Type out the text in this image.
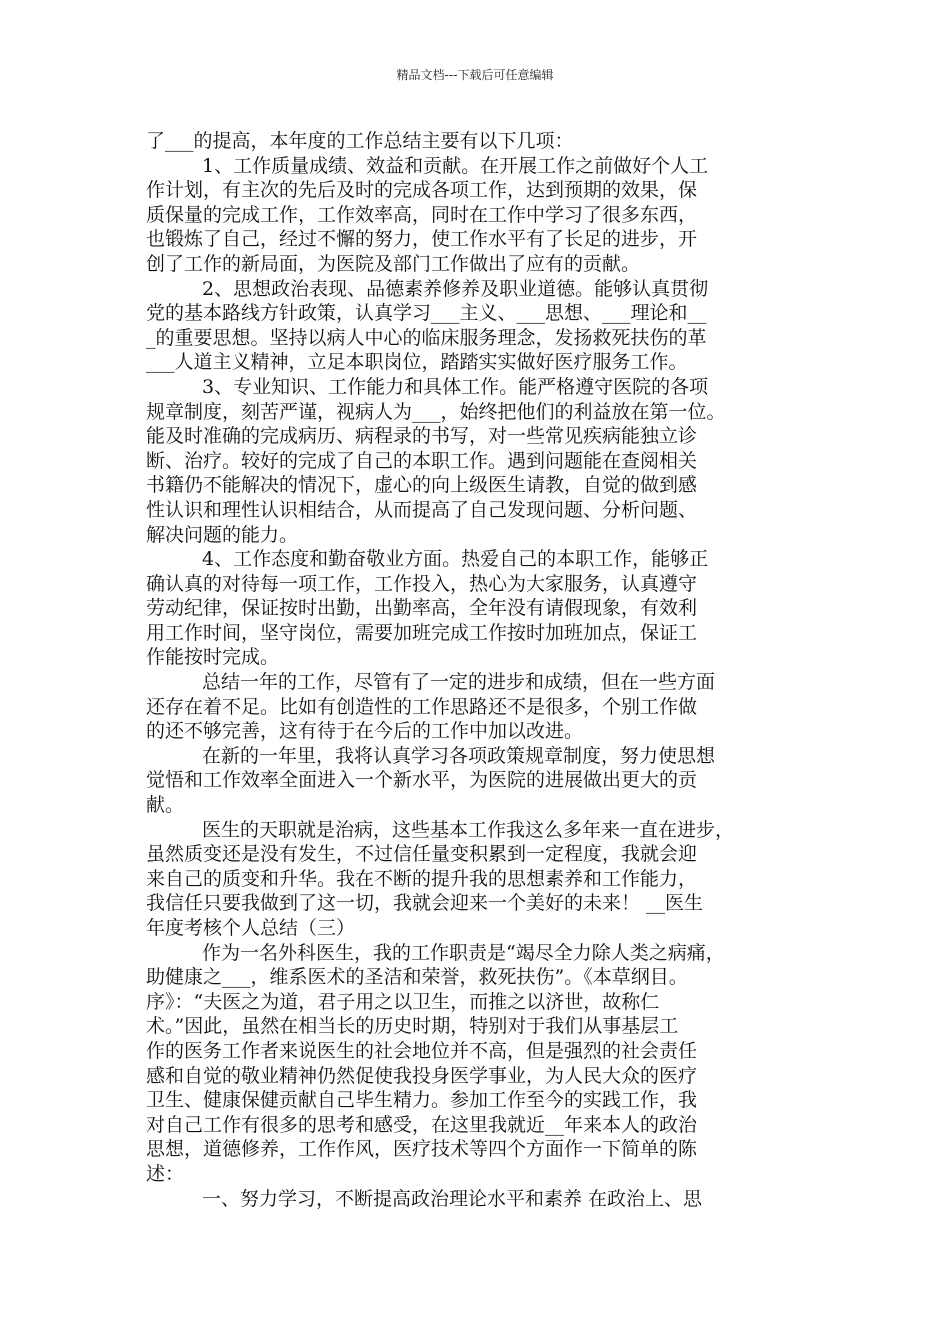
精品文档---下载后可任意编辑
了___的提高，本年度的工作总结主要有以下几项：
1、工作质量成绩、效益和贡献。在开展工作之前做好个人工
作计划，有主次的先后及时的完成各项工作，达到预期的效果，保
质保量的完成工作，工作效率高，同时在工作中学习了很多东西，
也锻炼了自己，经过不懈的努力，使工作水平有了长足的进步，开
创了工作的新局面，为医院及部门工作做出了应有的贡献。
2、思想政治表现、品德素养修养及职业道德。能够认真贯彻
党的基本路线方针政策，认真学习___主义、___思想、___理论和__
_的重要思想。坚持以病人中心的临床服务理念，发扬救死扶伤的革
___人道主义精神，立足本职岗位，踏踏实实做好医疗服务工作。
3、专业知识、工作能力和具体工作。能严格遵守医院的各项
规章制度，刻苦严谨，视病人为___，始终把他们的利益放在第一位。
能及时准确的完成病历、病程录的书写，对一些常见疾病能独立诊
断、治疗。较好的完成了自己的本职工作。遇到问题能在查阅相关
书籍仍不能解决的情况下，虚心的向上级医生请教，自觉的做到感
性认识和理性认识相结合，从而提高了自己发现问题、分析问题、
解决问题的能力。
4、工作态度和勤奋敬业方面。热爱自己的本职工作，能够正
确认真的对待每一项工作，工作投入，热心为大家服务，认真遵守
劳动纪律，保证按时出勤，出勤率高，全年没有请假现象，有效利
用工作时间，坚守岗位，需要加班完成工作按时加班加点，保证工
作能按时完成。
总结一年的工作，尽管有了一定的进步和成绩，但在一些方面
还存在着不足。比如有创造性的工作思路还不是很多，个别工作做
的还不够完善，这有待于在今后的工作中加以改进。
在新的一年里，我将认真学习各项政策规章制度，努力使思想
觉悟和工作效率全面进入一个新水平，为医院的进展做出更大的贡
献。
医生的天职就是治病，这些基本工作我这么多年来一直在进步，
虽然质变还是没有发生，不过信任量变积累到一定程度，我就会迎
来自己的质变和升华。我在不断的提升我的思想素养和工作能力，
我信任只要我做到了这一切，我就会迎来一个美好的未来！ __医生
年度考核个人总结（三）
作为一名外科医生，我的工作职责是“竭尽全力除人类之病痛，
助健康之___，维系医术的圣洁和荣誉，救死扶伤”。《本草纲目。
序》：“夫医之为道，君子用之以卫生，而推之以济世，故称仁
术。”因此，虽然在相当长的历史时期，特别对于我们从事基层工
作的医务工作者来说医生的社会地位并不高，但是强烈的社会责任
感和自觉的敬业精神仍然促使我投身医学事业，为人民大众的医疗
卫生、健康保健贡献自己毕生精力。参加工作至今的实践工作，我
对自己工作有很多的思考和感受，在这里我就近__年来本人的政治
思想，道德修养，工作作风，医疗技术等四个方面作一下简单的陈
述：
一、努力学习，不断提高政治理论水平和素养 在政治上、思
